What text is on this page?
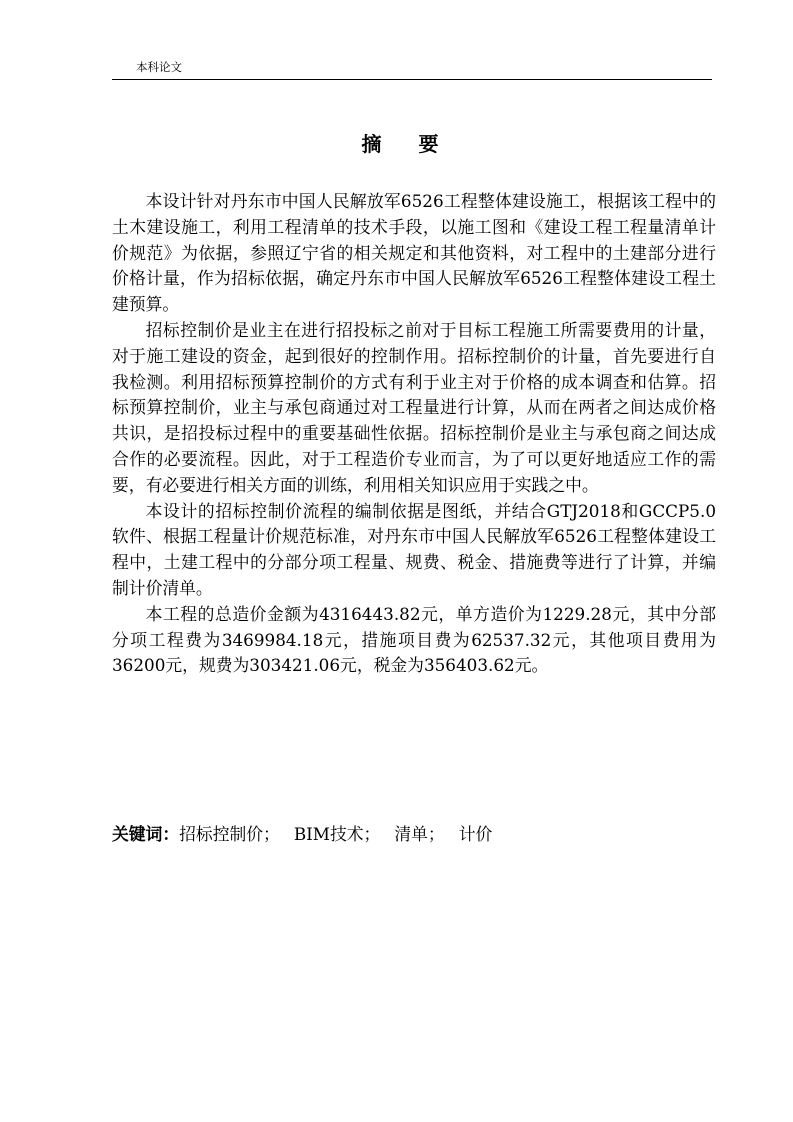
本科论文
摘要

本设计针对丹东市中国人民解放军6526工程整体建设施工，根据该工程中的土木建设施工，利用工程清单的技术手段，以施工图和《建设工程工程量清单计价规范》为依据，参照辽宁省的相关规定和其他资料，对工程中的土建部分进行价格计量，作为招标依据，确定丹东市中国人民解放军6526工程整体建设工程土建预算。

招标控制价是业主在进行招投标之前对于目标工程施工所需要费用的计量，对于施工建设的资金，起到很好的控制作用。招标控制价的计量，首先要进行自我检测。利用招标预算控制价的方式有利于业主对于价格的成本调查和估算。招标预算控制价，业主与承包商通过对工程量进行计算，从而在两者之间达成价格共识，是招投标过程中的重要基础性依据。招标控制价是业主与承包商之间达成合作的必要流程。因此，对于工程造价专业而言，为了可以更好地适应工作的需要，有必要进行相关方面的训练，利用相关知识应用于实践之中。

本设计的招标控制价流程的编制依据是图纸，并结合GTJ2018和GCCP5.0软件、根据工程量计价规范标准，对丹东市中国人民解放军6526工程整体建设工程中，土建工程中的分部分项工程量、规费、税金、措施费等进行了计算，并编制计价清单。

本工程的总造价金额为4316443.82元，单方造价为1229.28元，其中分部分项工程费为3469984.18元，措施项目费为62537.32元，其他项目费用为36200元，规费为303421.06元，税金为356403.62元。

关键词：招标控制价； BIM技术； 清单； 计价
